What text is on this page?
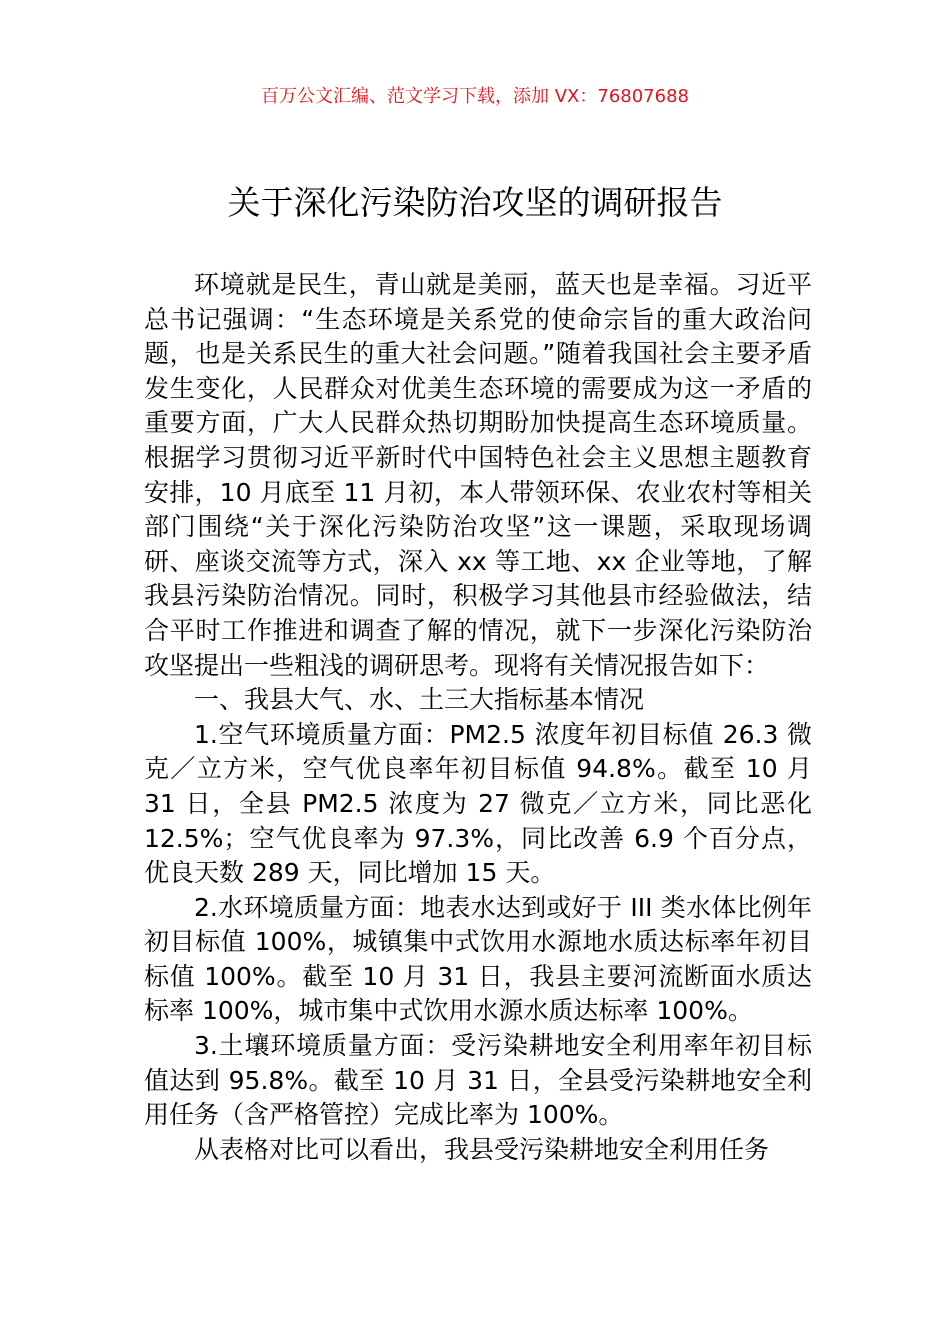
百万公文汇编、范文学习下载，添加 VX：76807688
关于深化污染防治攻坚的调研报告

环境就是民生，青山就是美丽，蓝天也是幸福。习近平总书记强调：“生态环境是关系党的使命宗旨的重大政治问题，也是关系民生的重大社会问题。”随着我国社会主要矛盾发生变化，人民群众对优美生态环境的需要成为这一矛盾的重要方面，广大人民群众热切期盼加快提高生态环境质量。根据学习贯彻习近平新时代中国特色社会主义思想主题教育安排，10 月底至 11 月初，本人带领环保、农业农村等相关部门围绕“关于深化污染防治攻坚”这一课题，采取现场调研、座谈交流等方式，深入 xx 等工地、xx 企业等地，了解我县污染防治情况。同时，积极学习其他县市经验做法，结合平时工作推进和调查了解的情况，就下一步深化污染防治攻坚提出一些粗浅的调研思考。现将有关情况报告如下：

一、我县大气、水、土三大指标基本情况

1.空气环境质量方面：PM2.5 浓度年初目标值 26.3 微克／立方米，空气优良率年初目标值 94.8%。截至 10 月 31 日，全县 PM2.5 浓度为 27 微克／立方米，同比恶化 12.5%；空气优良率为 97.3%，同比改善 6.9 个百分点，优良天数 289 天，同比增加 15 天。

2.水环境质量方面：地表水达到或好于 III 类水体比例年初目标值 100%，城镇集中式饮用水源地水质达标率年初目标值 100%。截至 10 月 31 日，我县主要河流断面水质达标率 100%，城市集中式饮用水源水质达标率 100%。

3.土壤环境质量方面：受污染耕地安全利用率年初目标值达到 95.8%。截至 10 月 31 日，全县受污染耕地安全利用任务（含严格管控）完成比率为 100%。

从表格对比可以看出，我县受污染耕地安全利用任务
